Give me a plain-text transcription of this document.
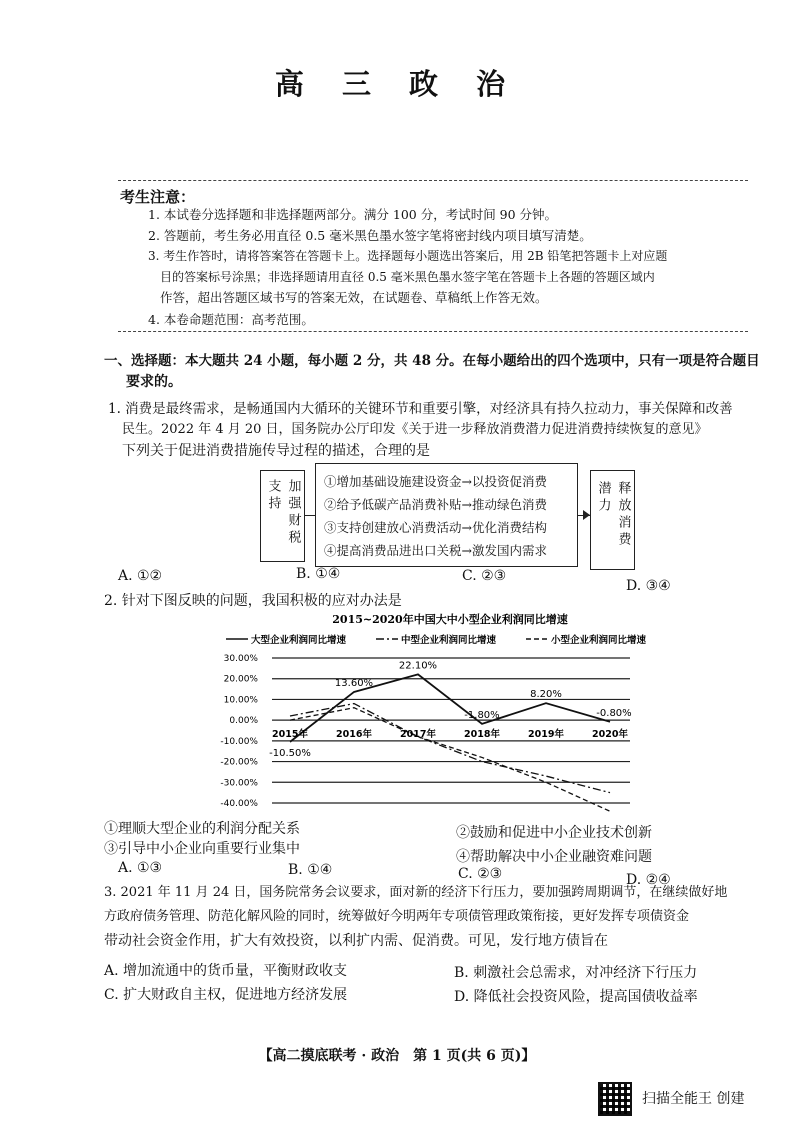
高 三 政 治
考生注意：
1. 本试卷分选择题和非选择题两部分。满分 100 分，考试时间 90 分钟。
2. 答题前，考生务必用直径 0.5 毫米黑色墨水签字笔将密封线内项目填写清楚。
3. 考生作答时，请将答案答在答题卡上。选择题每小题选出答案后，用 2B 铅笔把答题卡上对应题
目的答案标号涂黑；非选择题请用直径 0.5 毫米黑色墨水签字笔在答题卡上各题的答题区域内
作答，超出答题区域书写的答案无效，在试题卷、草稿纸上作答无效。
4. 本卷命题范围：高考范围。
一、选择题：本大题共 24 小题，每小题 2 分，共 48 分。在每小题给出的四个选项中，只有一项是符合题目
要求的。
1. 消费是最终需求，是畅通国内大循环的关键环节和重要引擎，对经济具有持久拉动力，事关保障和改善
民生。2022 年 4 月 20 日，国务院办公厅印发《关于进一步释放消费潜力促进消费持续恢复的意见》
下列关于促进消费措施传导过程的描述，合理的是
加强财税支持	①增加基础设施建设资金→以投资促消费
②给予低碳产品消费补贴→推动绿色消费
③支持创建放心消费活动→优化消费结构
④提高消费品进出口关税→激发国内需求
释放消费潜力
A. ①②	B. ①④	C. ②③
D. ③④
2. 针对下图反映的问题，我国积极的应对办法是
2015~2020年中国大中小型企业利润同比增速
大型企业利润同比增速	中型企业利润同比增速	小型企业利润同比增速
30.00%
20.00%
10.00%
0.00%
-10.00%
-20.00%
-30.00%
-40.00%
2015年	2016年	2017年	2018年	2019年	2020年
-10.50%
13.60%
22.10%
-1.80%
8.20%
-0.80%
①理顺大型企业的利润分配关系	②鼓励和促进中小企业技术创新
③引导中小企业向重要行业集中	④帮助解决中小企业融资难问题
A. ①③	B. ①④	C. ②③	D. ②④
3. 2021 年 11 月 24 日，国务院常务会议要求，面对新的经济下行压力，要加强跨周期调节，在继续做好地
方政府债务管理、防范化解风险的同时，统筹做好今明两年专项债管理政策衔接，更好发挥专项债资金
带动社会资金作用，扩大有效投资，以利扩内需、促消费。可见，发行地方债旨在
A. 增加流通中的货币量，平衡财政收支	B. 刺激社会总需求，对冲经济下行压力
C. 扩大财政自主权，促进地方经济发展	D. 降低社会投资风险，提高国债收益率
【高二摸底联考 · 政治　第 1 页(共 6 页)】
扫描全能王 创建
